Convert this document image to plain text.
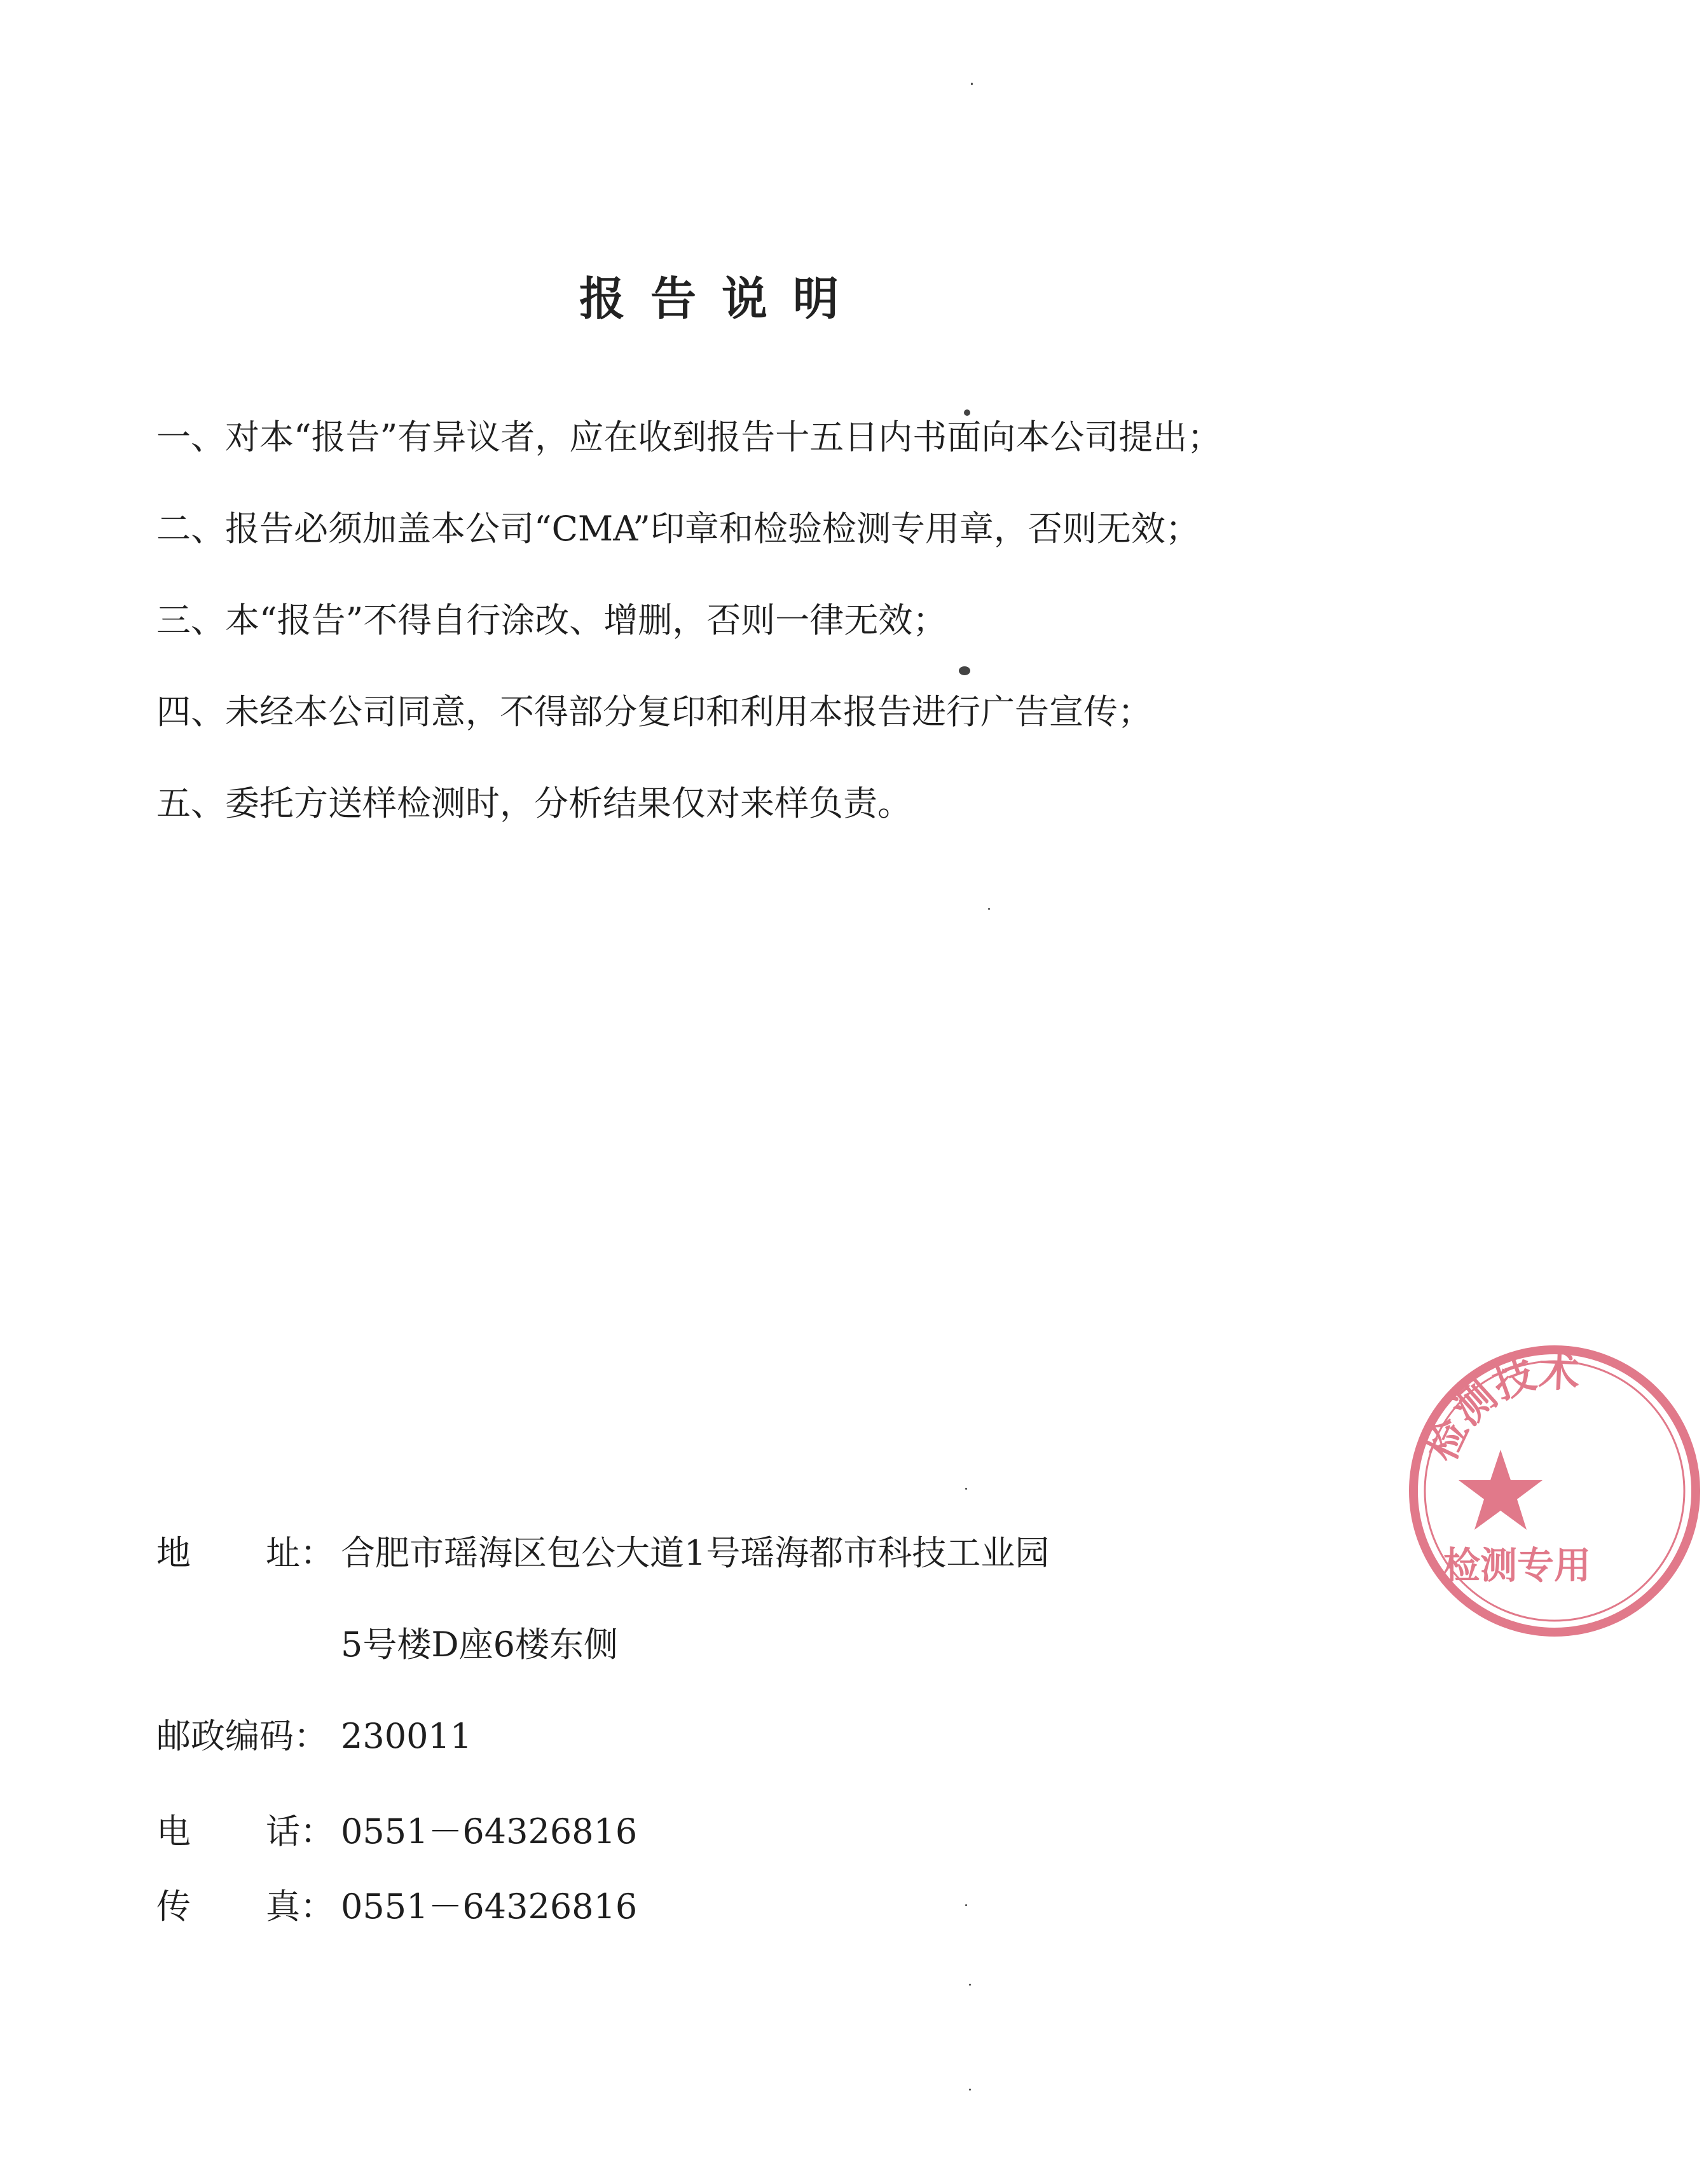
报告说明
一、对本“报告”有异议者，应在收到报告十五日内书面向本公司提出；
二、报告必须加盖本公司“CMA”印章和检验检测专用章，否则无效；
三、本“报告”不得自行涂改、增删，否则一律无效；
四、未经本公司同意，不得部分复印和利用本报告进行广告宣传；
五、委托方送样检测时，分析结果仅对来样负责。
地 址： 合肥市瑶海区包公大道1号瑶海都市科技工业园
5号楼D座6楼东侧
邮政编码： 230011
电 话： 0551－64326816
传 真： 0551－64326816
检测技术
检测专用
